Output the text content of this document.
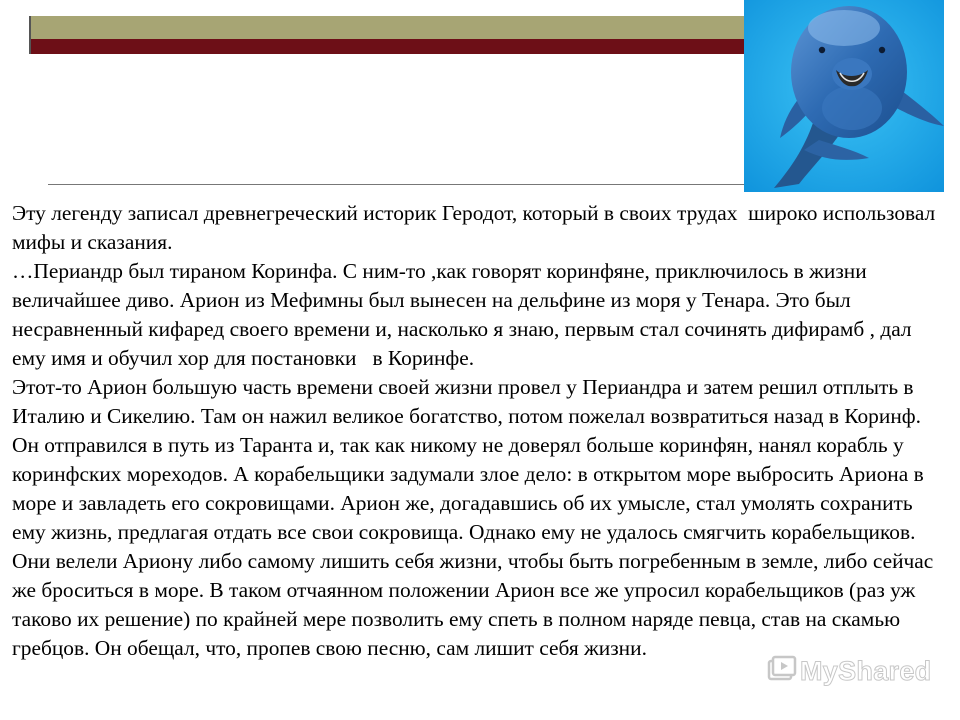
Эту легенду записал древнегреческий историк Геродот, который в своих трудах  широко использовал мифы и сказания.

…Периандр был тираном Коринфа. С ним-то ,как говорят коринфяне, приключилось в жизни величайшее диво. Арион из Мефимны был вынесен на дельфине из моря у Тенара. Это был несравненный кифаред своего времени и, насколько я знаю, первым стал сочинять дифирамб , дал ему имя и обучил хор для постановки   в Коринфе.

Этот-то Арион большую часть времени своей жизни провел у Периандра и затем решил отплыть в Италию и Сикелию. Там он нажил великое богатство, потом пожелал возвратиться назад в Коринф. Он отправился в путь из Таранта и, так как никому не доверял больше коринфян, нанял корабль у коринфских мореходов. А корабельщики задумали злое дело: в открытом море выбросить Ариона в море и завладеть его сокровищами. Арион же, догадавшись об их умысле, стал умолять сохранить ему жизнь, предлагая отдать все свои сокровища. Однако ему не удалось смягчить корабельщиков. Они велели Ариону либо самому лишить себя жизни, чтобы быть погребенным в земле, либо сейчас же броситься в море. В таком отчаянном положении Арион все же упросил корабельщиков (раз уж таково их решение) по крайней мере позволить ему спеть в полном наряде певца, став на скамью гребцов. Он обещал, что, пропев свою песню, сам лишит себя жизни.

MyShared
